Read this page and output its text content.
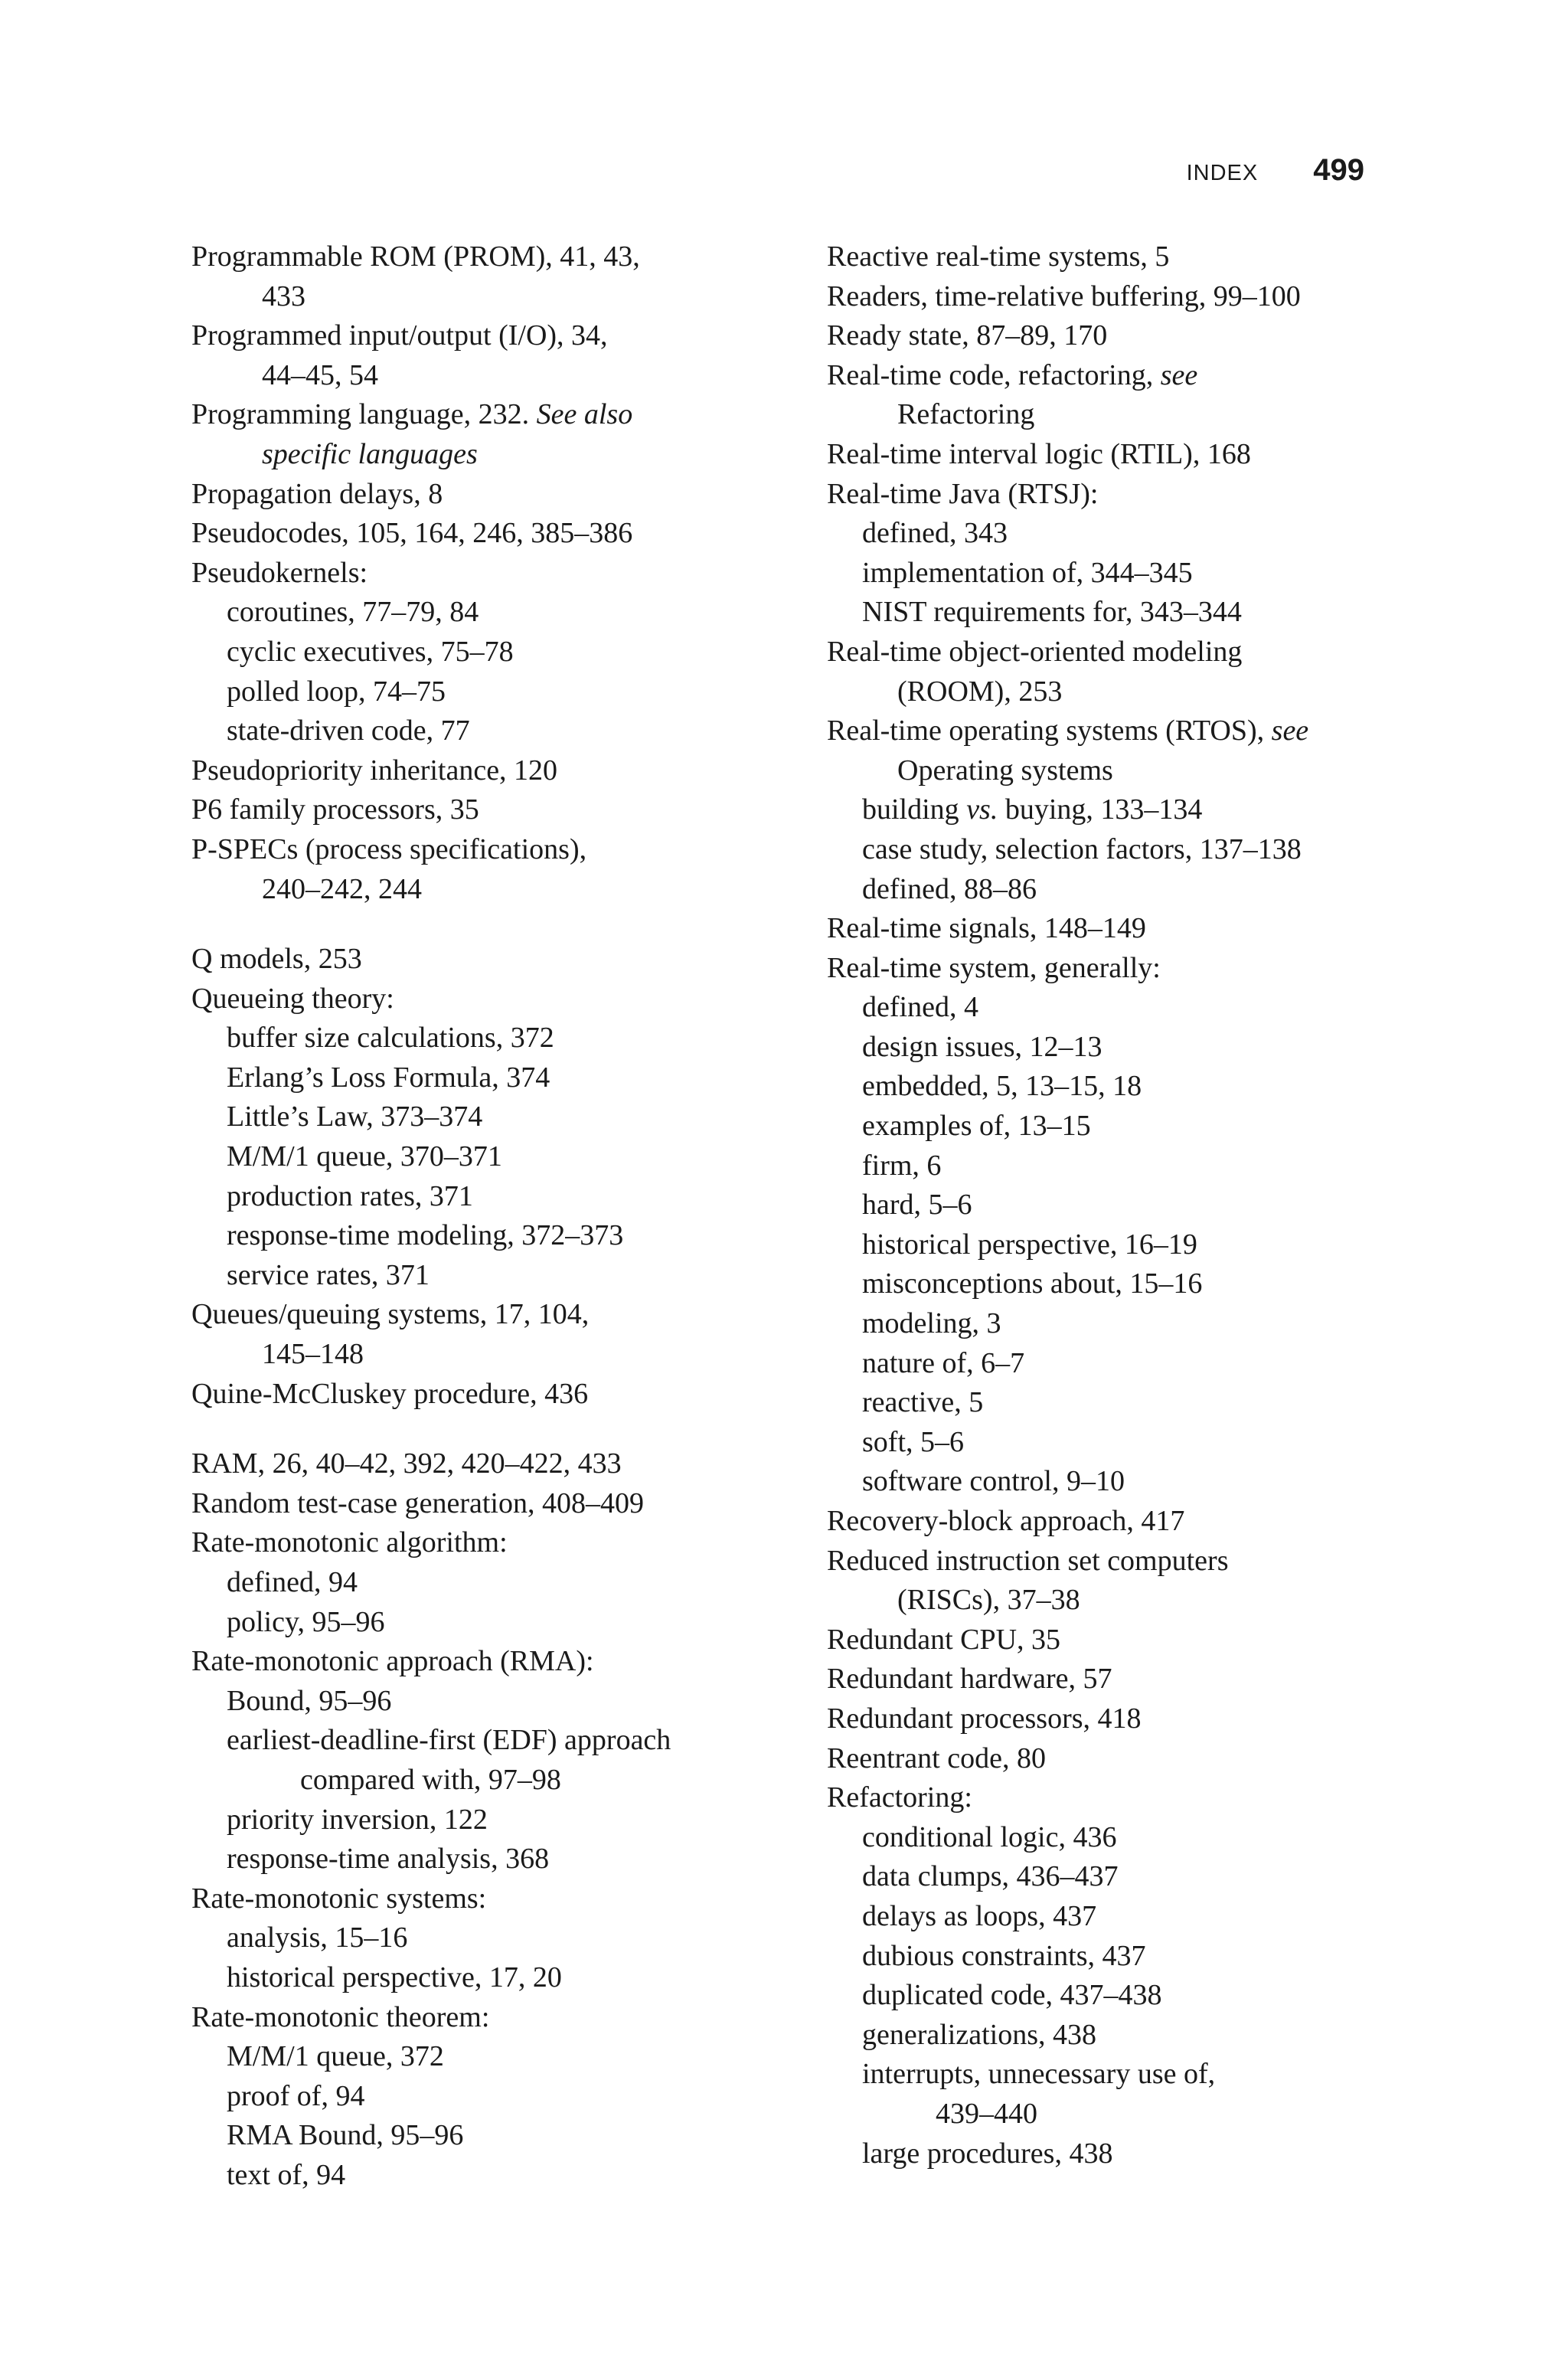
INDEX 499
Programmable ROM (PROM), 41, 43,
433
Programmed input/output (I/O), 34,
44–45, 54
Programming language, 232. See also
specific languages
Propagation delays, 8
Pseudocodes, 105, 164, 246, 385–386
Pseudokernels:
coroutines, 77–79, 84
cyclic executives, 75–78
polled loop, 74–75
state-driven code, 77
Pseudopriority inheritance, 120
P6 family processors, 35
P-SPECs (process specifications),
240–242, 244
Q models, 253
Queueing theory:
buffer size calculations, 372
Erlang’s Loss Formula, 374
Little’s Law, 373–374
M/M/1 queue, 370–371
production rates, 371
response-time modeling, 372–373
service rates, 371
Queues/queuing systems, 17, 104,
145–148
Quine-McCluskey procedure, 436
RAM, 26, 40–42, 392, 420–422, 433
Random test-case generation, 408–409
Rate-monotonic algorithm:
defined, 94
policy, 95–96
Rate-monotonic approach (RMA):
Bound, 95–96
earliest-deadline-first (EDF) approach
compared with, 97–98
priority inversion, 122
response-time analysis, 368
Rate-monotonic systems:
analysis, 15–16
historical perspective, 17, 20
Rate-monotonic theorem:
M/M/1 queue, 372
proof of, 94
RMA Bound, 95–96
text of, 94
Reactive real-time systems, 5
Readers, time-relative buffering, 99–100
Ready state, 87–89, 170
Real-time code, refactoring, see
Refactoring
Real-time interval logic (RTIL), 168
Real-time Java (RTSJ):
defined, 343
implementation of, 344–345
NIST requirements for, 343–344
Real-time object-oriented modeling
(ROOM), 253
Real-time operating systems (RTOS), see
Operating systems
building vs. buying, 133–134
case study, selection factors, 137–138
defined, 88–86
Real-time signals, 148–149
Real-time system, generally:
defined, 4
design issues, 12–13
embedded, 5, 13–15, 18
examples of, 13–15
firm, 6
hard, 5–6
historical perspective, 16–19
misconceptions about, 15–16
modeling, 3
nature of, 6–7
reactive, 5
soft, 5–6
software control, 9–10
Recovery-block approach, 417
Reduced instruction set computers
(RISCs), 37–38
Redundant CPU, 35
Redundant hardware, 57
Redundant processors, 418
Reentrant code, 80
Refactoring:
conditional logic, 436
data clumps, 436–437
delays as loops, 437
dubious constraints, 437
duplicated code, 437–438
generalizations, 438
interrupts, unnecessary use of,
439–440
large procedures, 438
